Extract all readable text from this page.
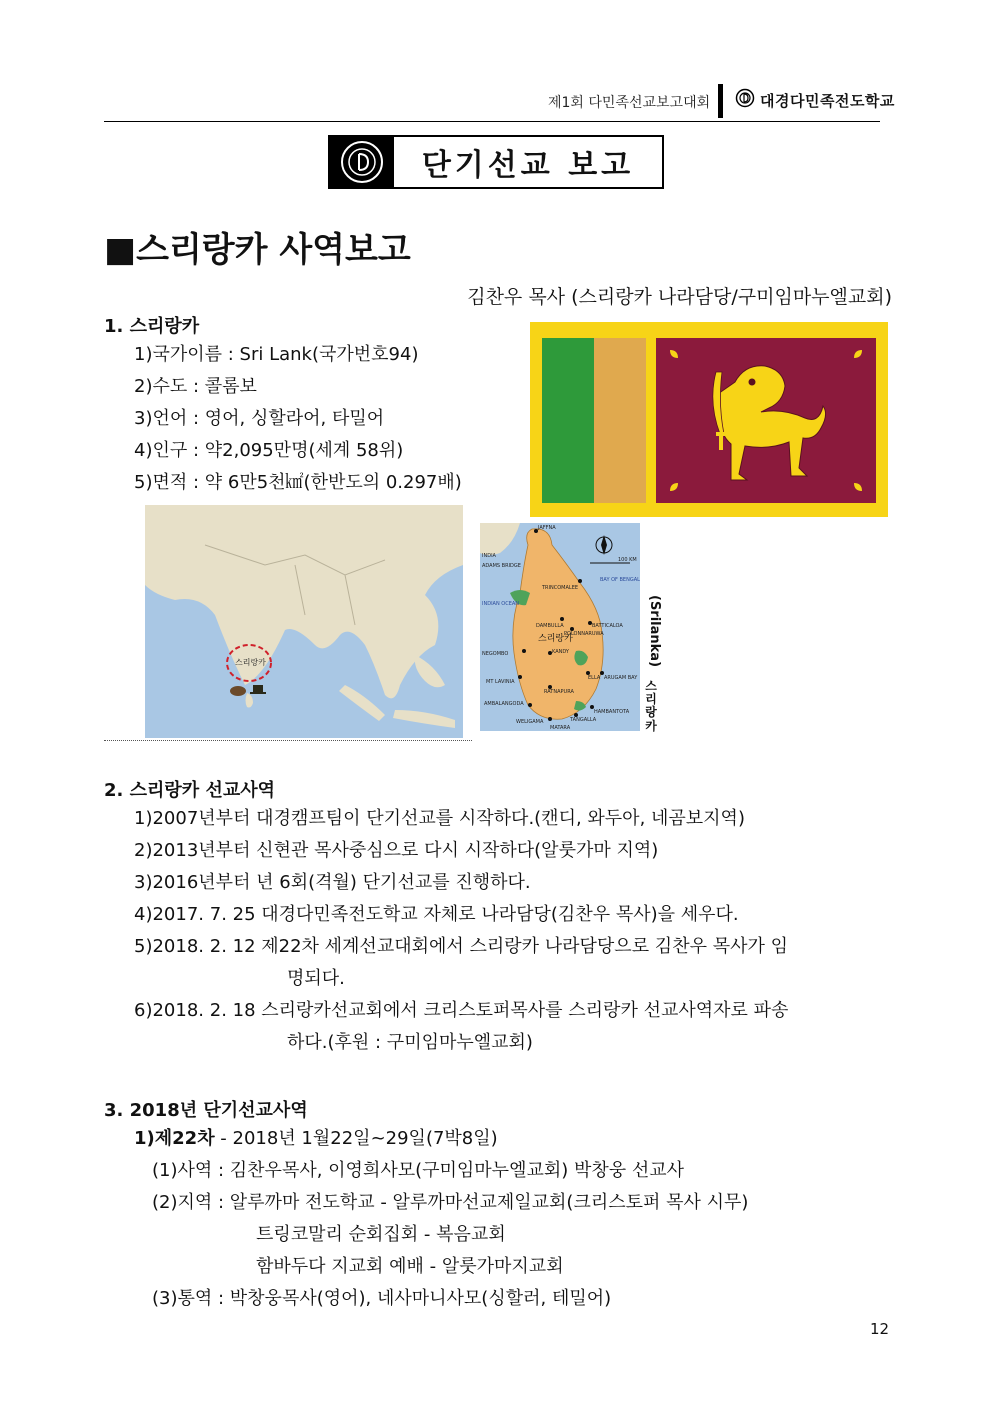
제1회 다민족선교보고대회	대경다민족전도학교
단기선교 보고
■스리랑카 사역보고
김찬우 목사 (스리랑카 나라담당/구미임마누엘교회)
1. 스리랑카
1)국가이름 : Sri Lank(국가번호94)
2)수도 : 콜롬보
3)언어 : 영어, 싱할라어, 타밀어
4)인구 : 약2,095만명(세계 58위)
5)면적 : 약 6만5천㎢(한반도의 0.297배)
스리랑카
JAFFNA
INDIA
ADAMS BRIDGE
TRINCOMALEE
BAY OF BENGAL
INDIAN OCEAN
DAMBULLA	BATTICALOA
POLONNARUWA
NEGOMBO	KANDY
ELLA ARUGAM BAY
MT LAVINIA
RATNAPURA
AMBALANGODA
WELIGAMA
MATARA
TANGALLA
HAMBANTOTA
100 KM
스리랑카	(Srilanka)
스리랑카
2. 스리랑카 선교사역
1)2007년부터 대경캠프팀이 단기선교를 시작하다.(캔디, 와두아, 네곰보지역)
2)2013년부터 신현관 목사중심으로 다시 시작하다(알룻가마 지역)
3)2016년부터 년 6회(격월) 단기선교를 진행하다.
4)2017. 7. 25 대경다민족전도학교 자체로 나라담당(김찬우 목사)을 세우다.
5)2018. 2. 12 제22차 세계선교대회에서 스리랑카 나라담당으로 김찬우 목사가 임
명되다.
6)2018. 2. 18 스리랑카선교회에서 크리스토퍼목사를 스리랑카 선교사역자로 파송
하다.(후원 : 구미임마누엘교회)
3. 2018년 단기선교사역
1)제22차 - 2018년 1월22일~29일(7박8일)
(1)사역 : 김찬우목사, 이영희사모(구미임마누엘교회) 박창웅 선교사
(2)지역 : 알루까마 전도학교 - 알루까마선교제일교회(크리스토퍼 목사 시무)
트링코말리 순회집회 - 복음교회
함바두다 지교회 예배 - 알룻가마지교회
(3)통역 : 박창웅목사(영어), 네사마니사모(싱할러, 테밀어)
12
